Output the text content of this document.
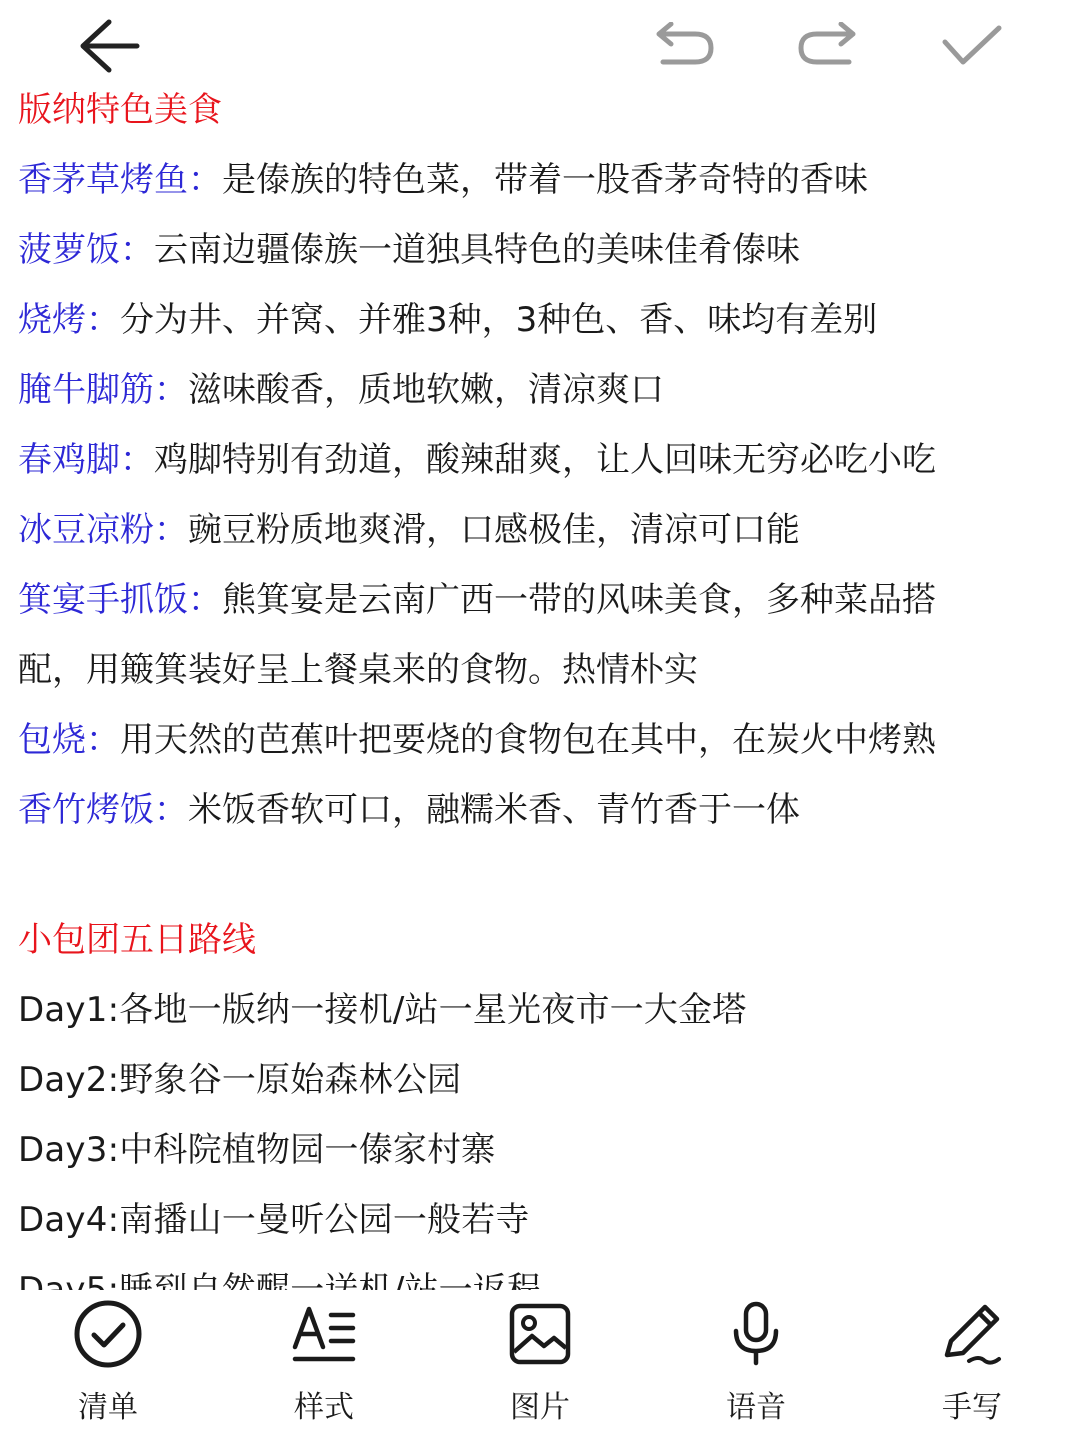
版纳特色美食
香茅草烤鱼：是傣族的特色菜，带着一股香茅奇特的香味
菠萝饭：云南边疆傣族一道独具特色的美味佳肴傣味
烧烤：分为井、并窝、并雅3种，3种色、香、味均有差别
腌牛脚筋：滋味酸香，质地软嫩，清凉爽口
春鸡脚：鸡脚特别有劲道，酸辣甜爽，让人回味无穷必吃小吃
冰豆凉粉：豌豆粉质地爽滑，口感极佳，清凉可口能
箕宴手抓饭：熊箕宴是云南广西一带的风味美食，多种菜品搭
配，用簸箕装好呈上餐桌来的食物。热情朴实
包烧：用天然的芭蕉叶把要烧的食物包在其中，在炭火中烤熟
香竹烤饭：米饭香软可口，融糯米香、青竹香于一体
小包团五日路线
Day1:各地一版纳一接机/站一星光夜市一大金塔
Day2:野象谷一原始森林公园
Day3:中科院植物园一傣家村寨
Day4:南播山一曼听公园一般若寺
清单	样式	图片	语音	手写
